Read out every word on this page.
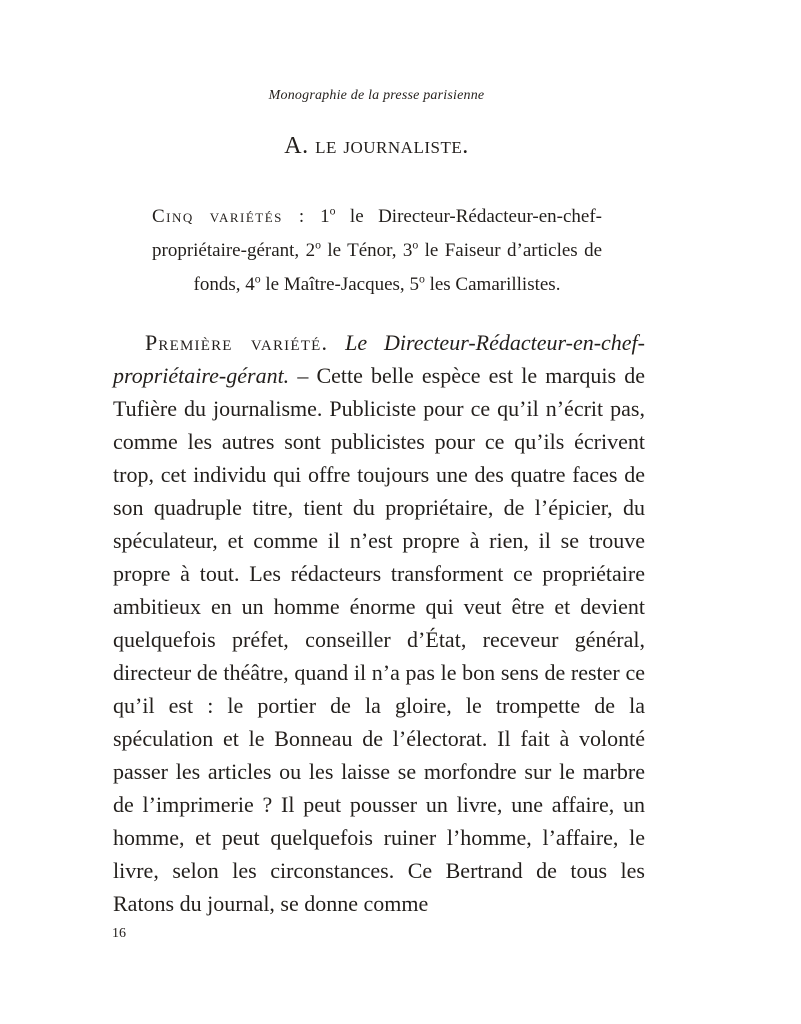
Monographie de la presse parisienne
A. le journaliste.
Cinq variétés : 1$^o$ le Directeur-Rédacteur-en-chef-propriétaire-gérant, 2$^o$ le Ténor, 3$^o$ le Faiseur d’articles de fonds, 4$^o$ le Maître-Jacques, 5$^o$ les Camarillistes.
Première variété. Le Directeur-Rédacteur-en-chef-propriétaire-gérant. – Cette belle espèce est le marquis de Tufière du journalisme. Publiciste pour ce qu’il n’écrit pas, comme les autres sont publicistes pour ce qu’ils écrivent trop, cet individu qui offre toujours une des quatre faces de son quadruple titre, tient du propriétaire, de l’épicier, du spéculateur, et comme il n’est propre à rien, il se trouve propre à tout. Les rédacteurs transforment ce propriétaire ambitieux en un homme énorme qui veut être et devient quelquefois préfet, conseiller d’État, receveur général, directeur de théâtre, quand il n’a pas le bon sens de rester ce qu’il est : le portier de la gloire, le trompette de la spéculation et le Bonneau de l’électorat. Il fait à volonté passer les articles ou les laisse se morfondre sur le marbre de l’imprimerie ? Il peut pousser un livre, une affaire, un homme, et peut quelquefois ruiner l’homme, l’affaire, le livre, selon les circonstances. Ce Bertrand de tous les Ratons du journal, se donne comme
16
